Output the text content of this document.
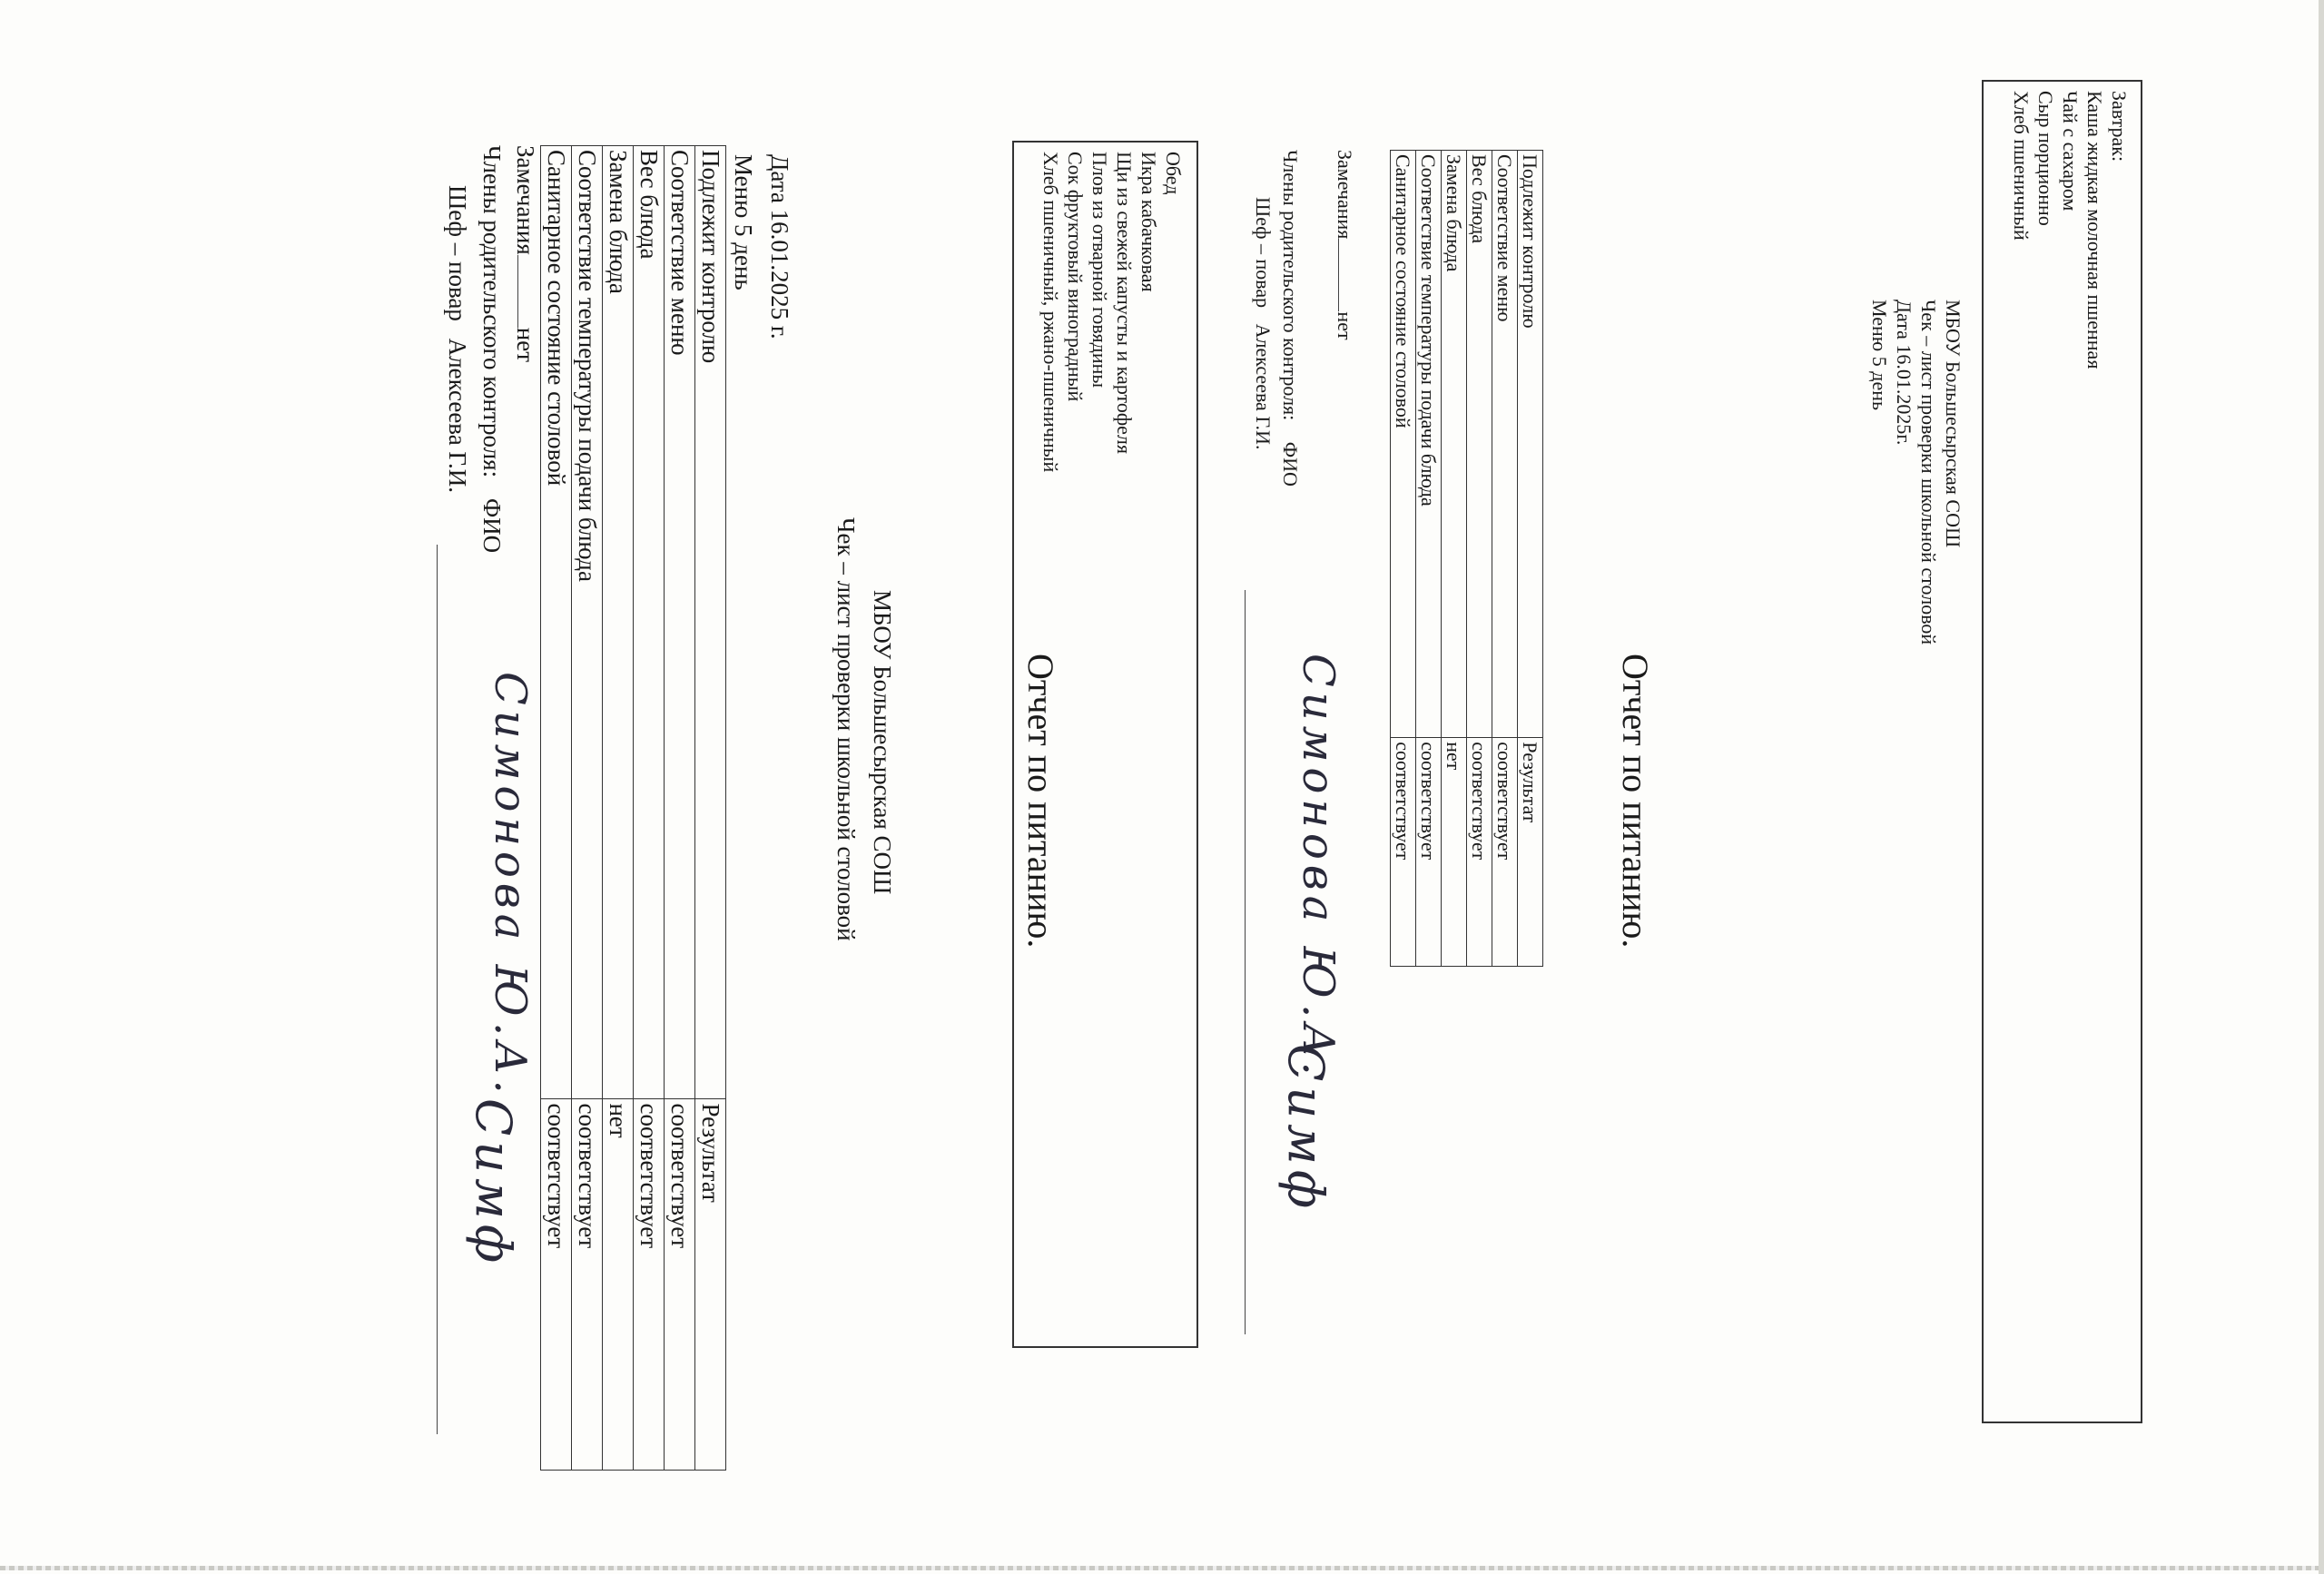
Отчет по питанию.
Завтрак:
Каша жидкая молочная пшенная
Чай с сахаром
Сыр порционно
Хлеб пшеничный
МБОУ Большесырская СОШ
Чек – лист проверки школьной столовой
Дата 16.01.2025г.
Меню 5 день
Подлежит контролю	Результат
Соответствие меню	соответствует
Вес блюда	соответствует
Замена блюда	нет
Соответствие температуры подачи блюда	соответствует
Санитарное состояние столовой	соответствует
Замечаниянет
Члены родительского контроля: ФИО
Шеф – повар Алексеева Г.И.
Симонова Ю.А.
Симф
Отчет по питанию.
Обед
Икра кабачковая
Щи из свежей капусты и картофеля
Плов из отварной говядины
Сок фруктовый виноградный
Хлеб пшеничный, ржано-пшеничный
МБОУ Большесырская СОШ
Чек – лист проверки школьной столовой
Дата 16.01.2025 г.
Меню 5 день
Подлежит контролю	Результат
Соответствие меню	соответствует
Вес блюда	соответствует
Замена блюда	нет
Соответствие температуры подачи блюда	соответствует
Санитарное состояние столовой	соответствует
Замечаниянет
Члены родительского контроля: ФИО
Шеф – повар Алексеева Г.И.
Симонова Ю.А.
Симф
